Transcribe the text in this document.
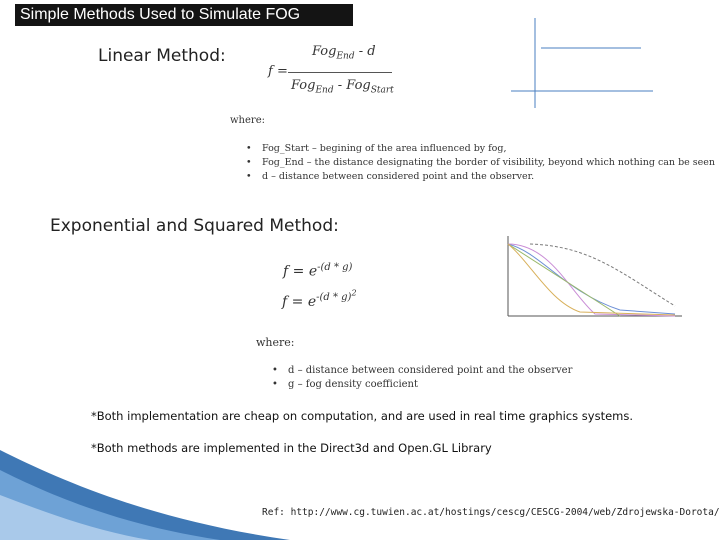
Simple Methods Used to Simulate FOG
Linear Method:
f =
Fog$_{End}$ - d
Fog$_{End}$ - Fog$_{Start}$
where:
• Fog_Start – begining of the area influenced by fog,
• Fog_End – the distance designating the border of visibility, beyond which nothing can be seen
• d – distance between considered point and the observer.
Exponential and Squared Method:
$f = e^{-(d * g)}$
$f = e^{-(d * g)^2}$
where:
• d – distance between considered point and the observer
• g – fog density coefficient
*Both implementation are cheap on computation, and are used in real time graphics systems.
*Both methods are implemented in the Direct3d and Open.GL Library
Ref: http://www.cg.tuwien.ac.at/hostings/cescg/CESCG-2004/web/Zdrojewska-Dorota/
